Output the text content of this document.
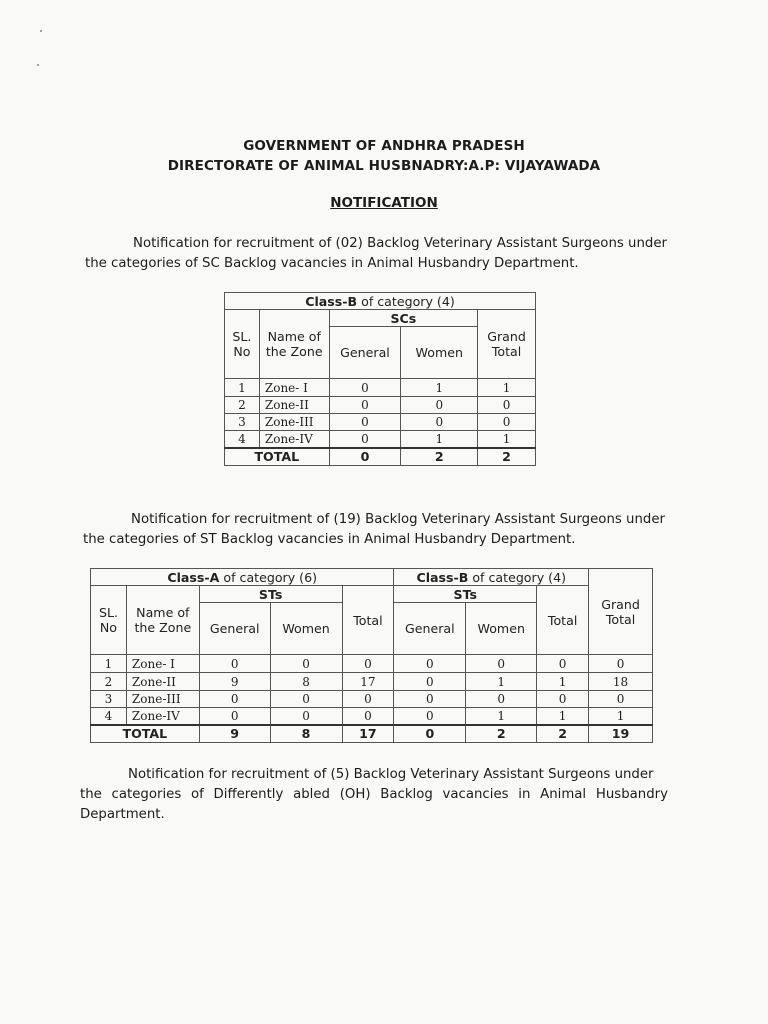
GOVERNMENT OF ANDHRA PRADESH
DIRECTORATE OF ANIMAL HUSBNADRY:A.P: VIJAYAWADA
NOTIFICATION

Notification for recruitment of (02) Backlog Veterinary Assistant Surgeons under

the categories of SC Backlog vacancies in Animal Husbandry Department.

Class-B of category (4)				
SL.
No	Name of
the Zone	SCs		Grand
Total
		General	Women	
1	Zone- I	0	1	1
2	Zone-II	0	0	0
3	Zone-III	0	0	0
4	Zone-IV	0	1	1
TOTAL		0	2	2

Notification for recruitment of (19) Backlog Veterinary Assistant Surgeons under

the categories of ST Backlog vacancies in Animal Husbandry Department.

Class-A of category (6)					Class-B of category (4)			Grand
Total
SL.
No	Name of
the Zone	STs		Total	STs		Total	
		General	Women		General	Women		
1	Zone- I	0	0	0	0	0	0	0
2	Zone-II	9	8	17	0	1	1	18
3	Zone-III	0	0	0	0	0	0	0
4	Zone-IV	0	0	0	0	1	1	1
TOTAL		9	8	17	0	2	2	19

Notification for recruitment of (5) Backlog Veterinary Assistant Surgeons under

the categories of Differently abled (OH) Backlog vacancies in Animal Husbandry

Department.
